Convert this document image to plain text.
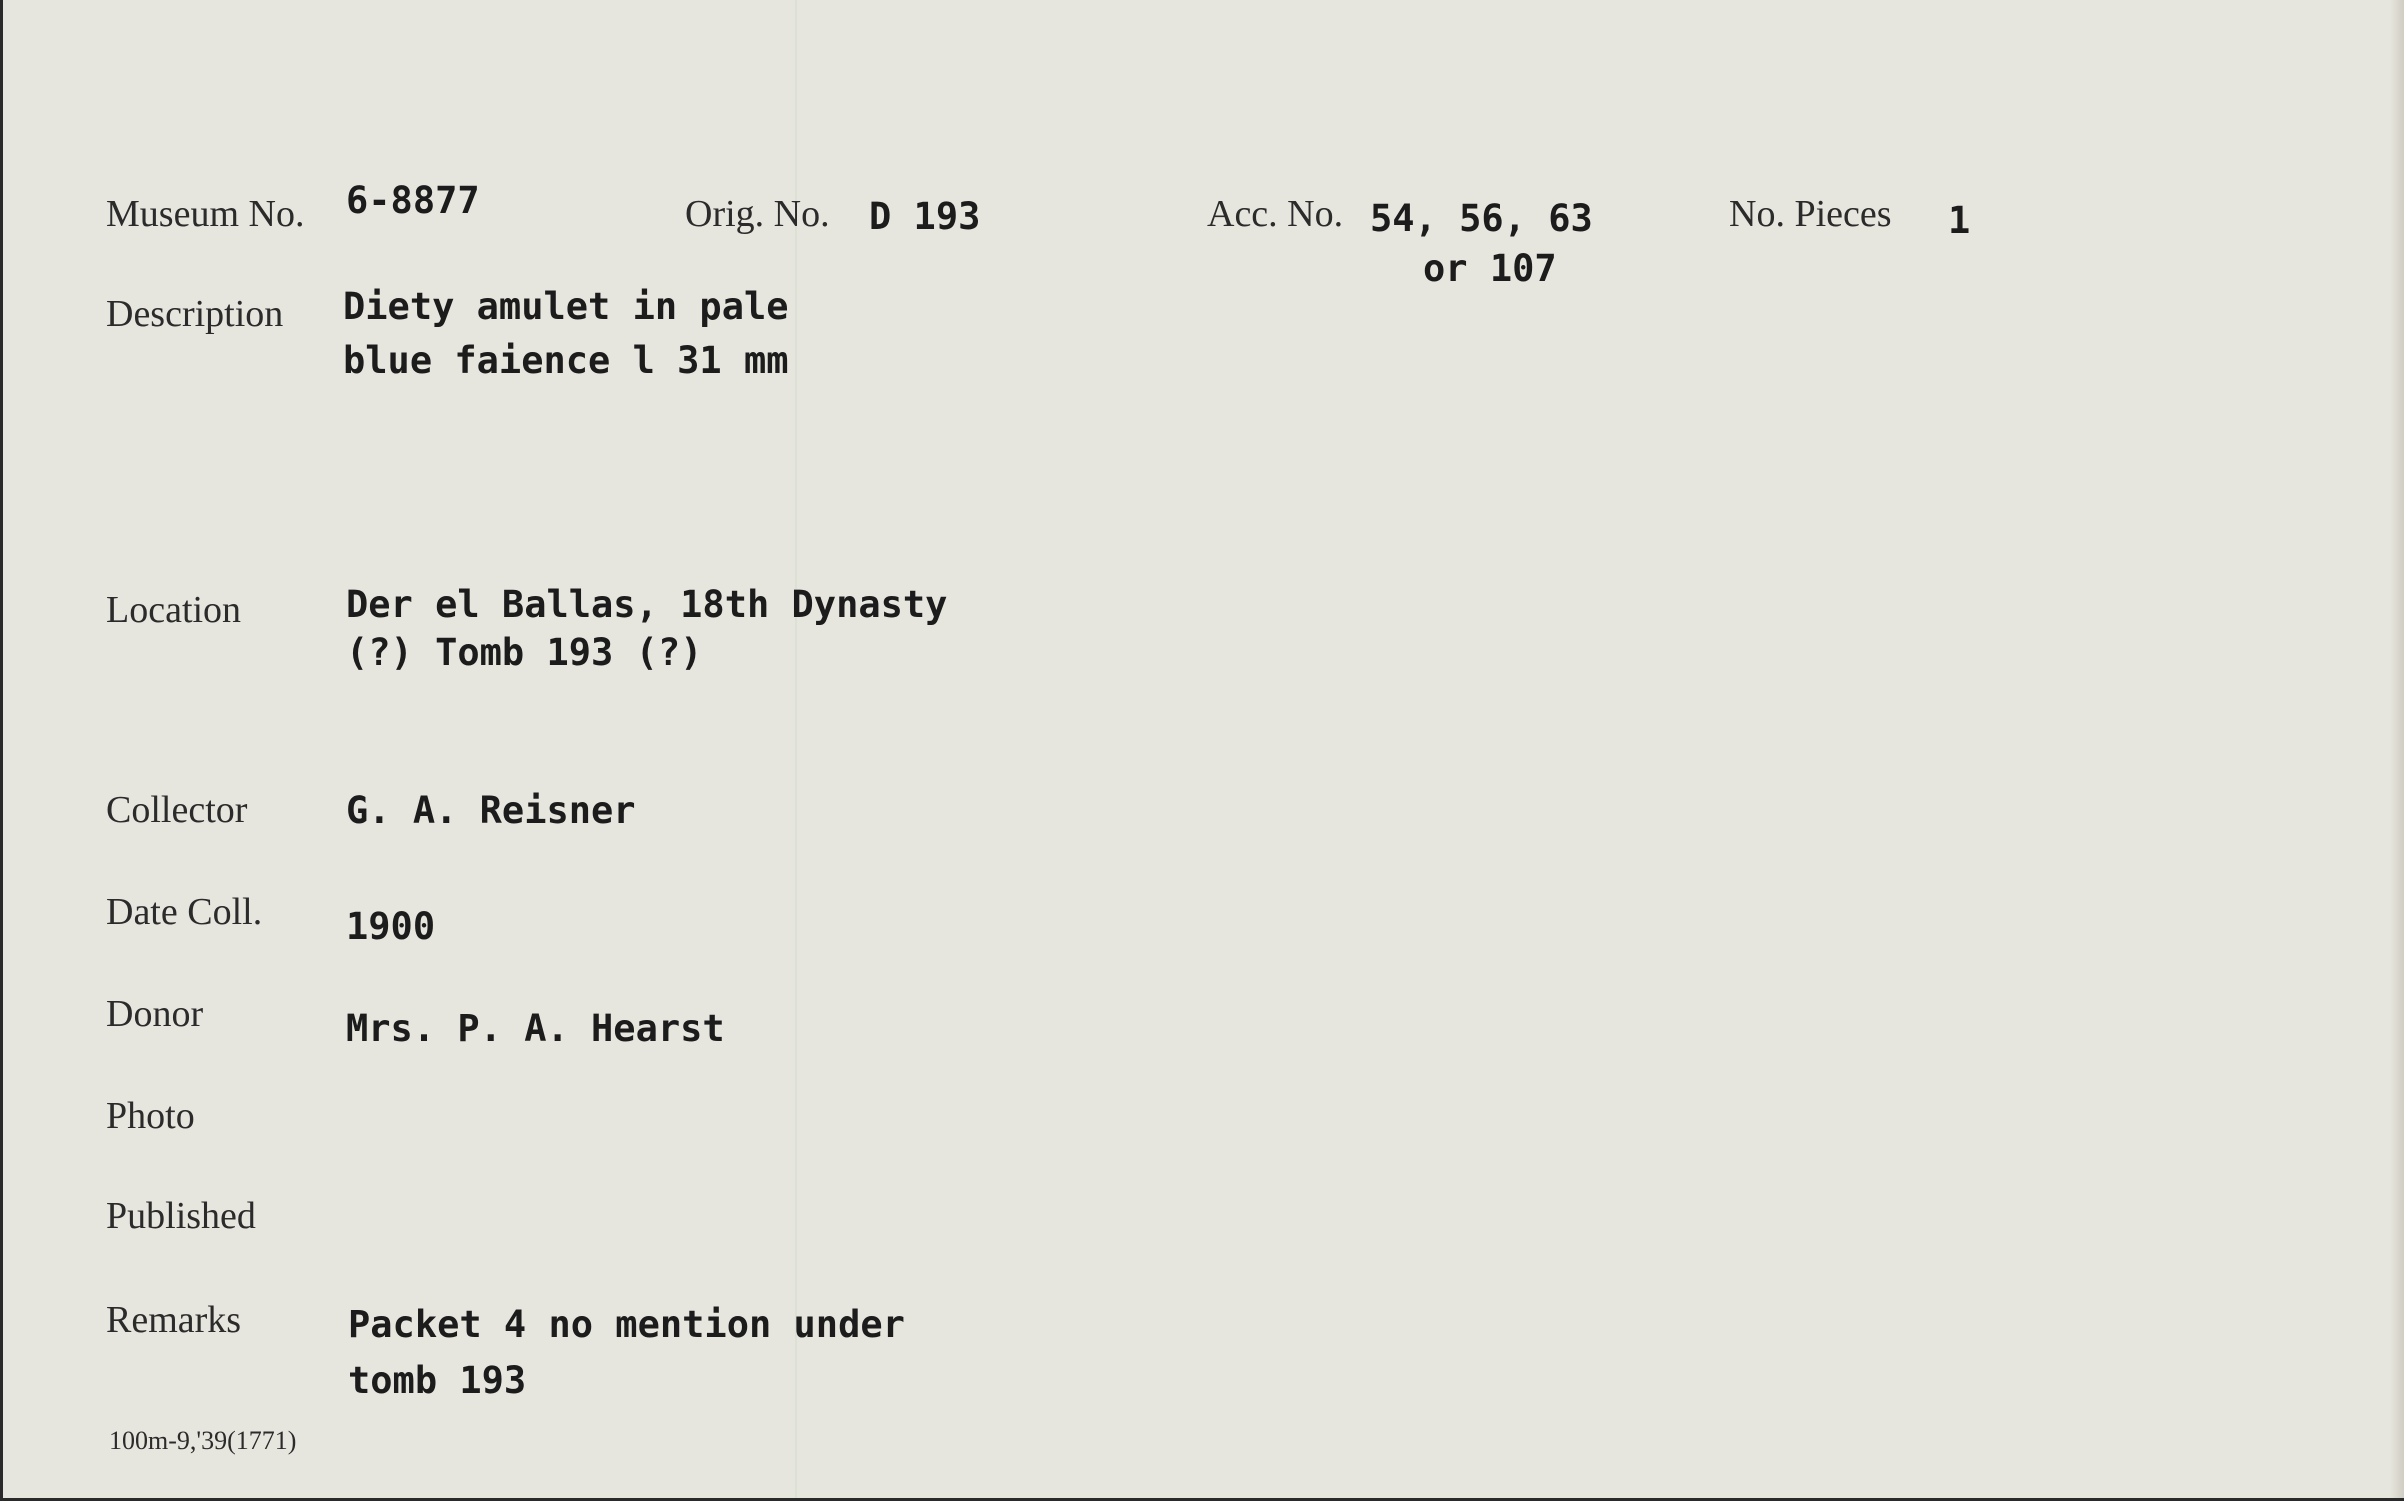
Museum No. 6-8877	Orig. No. D 193	Acc. No. 54, 56, 63
or 107
No. Pieces 1
Description Diety amulet in pale
blue faience l 31 mm
Location	Der el Ballas, 18th Dynasty
(?) Tomb 193 (?)
Collector	G. A. Reisner
Date Coll. 1900
Donor	Mrs. P. A. Hearst
Photo
Published
Remarks	Packet 4 no mention under
tomb 193
100m-9,'39(1771)
